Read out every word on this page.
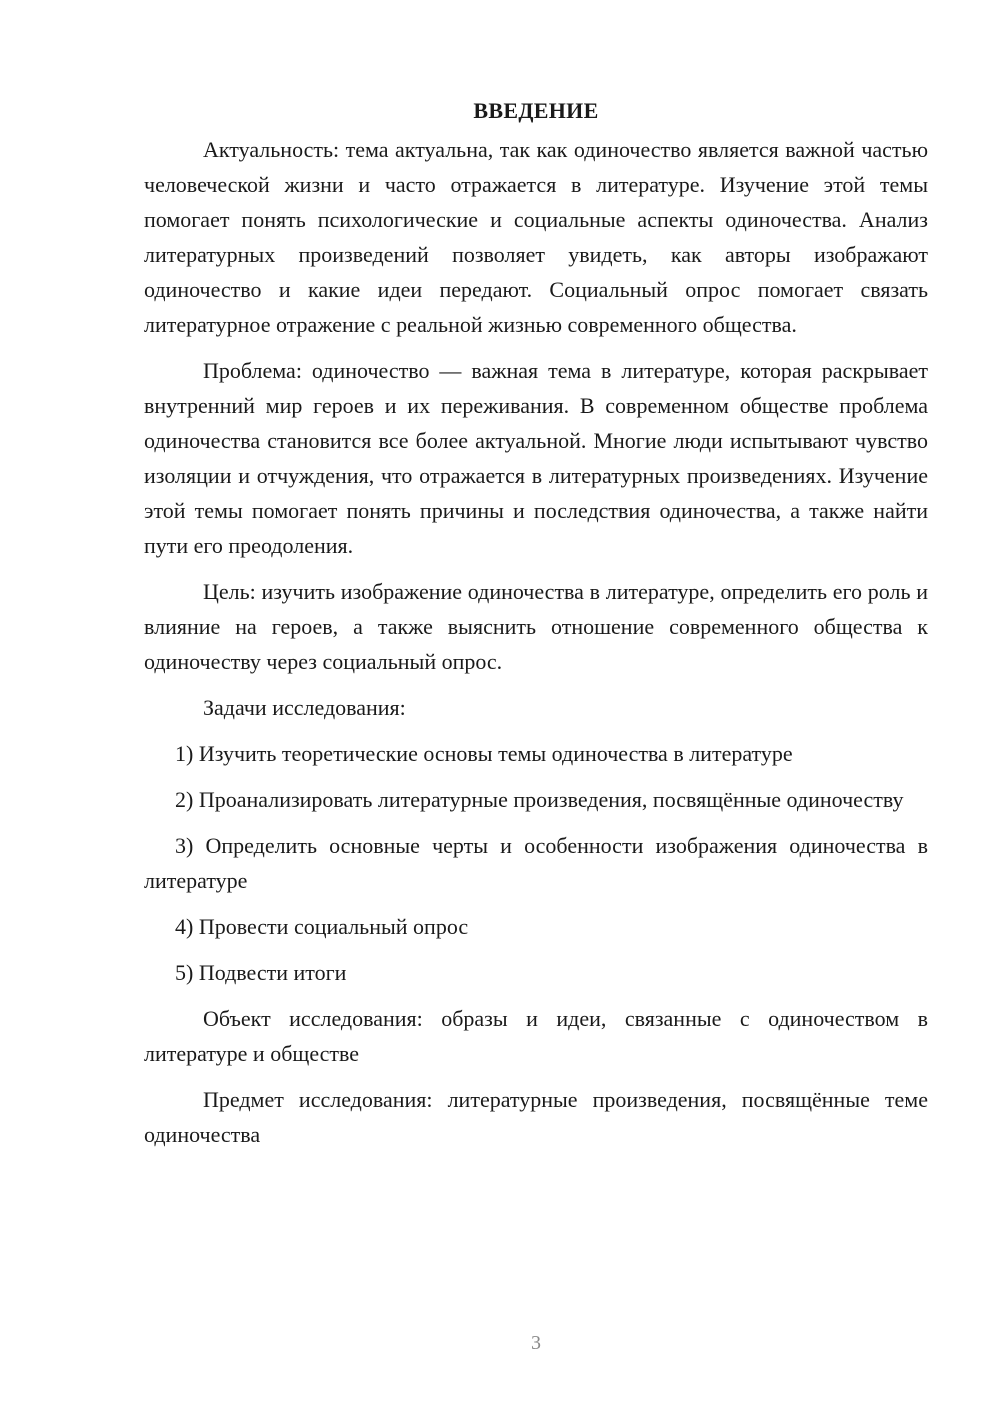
ВВЕДЕНИЕ

Актуальность: тема актуальна, так как одиночество является важной частью человеческой жизни и часто отражается в литературе. Изучение этой темы помогает понять психологические и социальные аспекты одиночества. Анализ литературных произведений позволяет увидеть, как авторы изображают одиночество и какие идеи передают. Социальный опрос помогает связать литературное отражение с реальной жизнью современного общества.

Проблема: одиночество — важная тема в литературе, которая раскрывает внутренний мир героев и их переживания. В современном обществе проблема одиночества становится все более актуальной. Многие люди испытывают чувство изоляции и отчуждения, что отражается в литературных произведениях. Изучение этой темы помогает понять причины и последствия одиночества, а также найти пути его преодоления.

Цель: изучить изображение одиночества в литературе, определить его роль и влияние на героев, а также выяснить отношение современного общества к одиночеству через социальный опрос.

Задачи исследования:

1) Изучить теоретические основы темы одиночества в литературе

2) Проанализировать литературные произведения, посвящённые одиночеству

3) Определить основные черты и особенности изображения одиночества в литературе

4) Провести социальный опрос

5) Подвести итоги

Объект исследования: образы и идеи, связанные с одиночеством в литературе и обществе

Предмет исследования: литературные произведения, посвящённые теме одиночества

3
